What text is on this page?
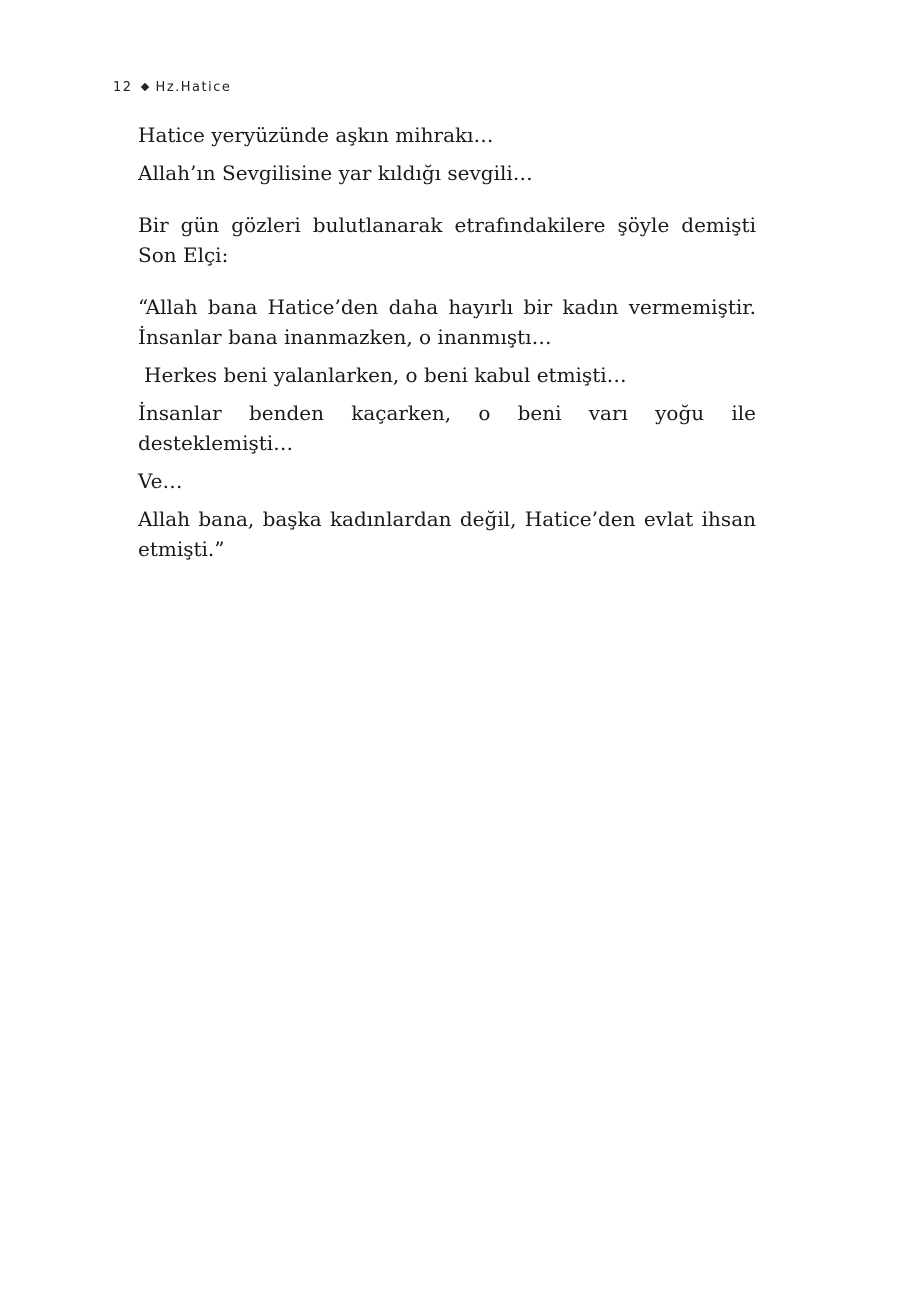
12 Hz.Hatice

Hatice yeryüzünde aşkın mihrakı…

Allah’ın Sevgilisine yar kıldığı sevgili…

Bir gün gözleri bulutlanarak etrafındakilere şöyle demişti Son Elçi:

“Allah bana Hatice’den daha hayırlı bir kadın vermemiştir. İnsanlar bana inanmazken, o inanmıştı…

Herkes beni yalanlarken, o beni kabul etmişti…

İnsanlar benden kaçarken, o beni varı yoğu ile desteklemişti…

Ve…

Allah bana, başka kadınlardan değil, Hatice’den evlat ihsan etmişti.”
